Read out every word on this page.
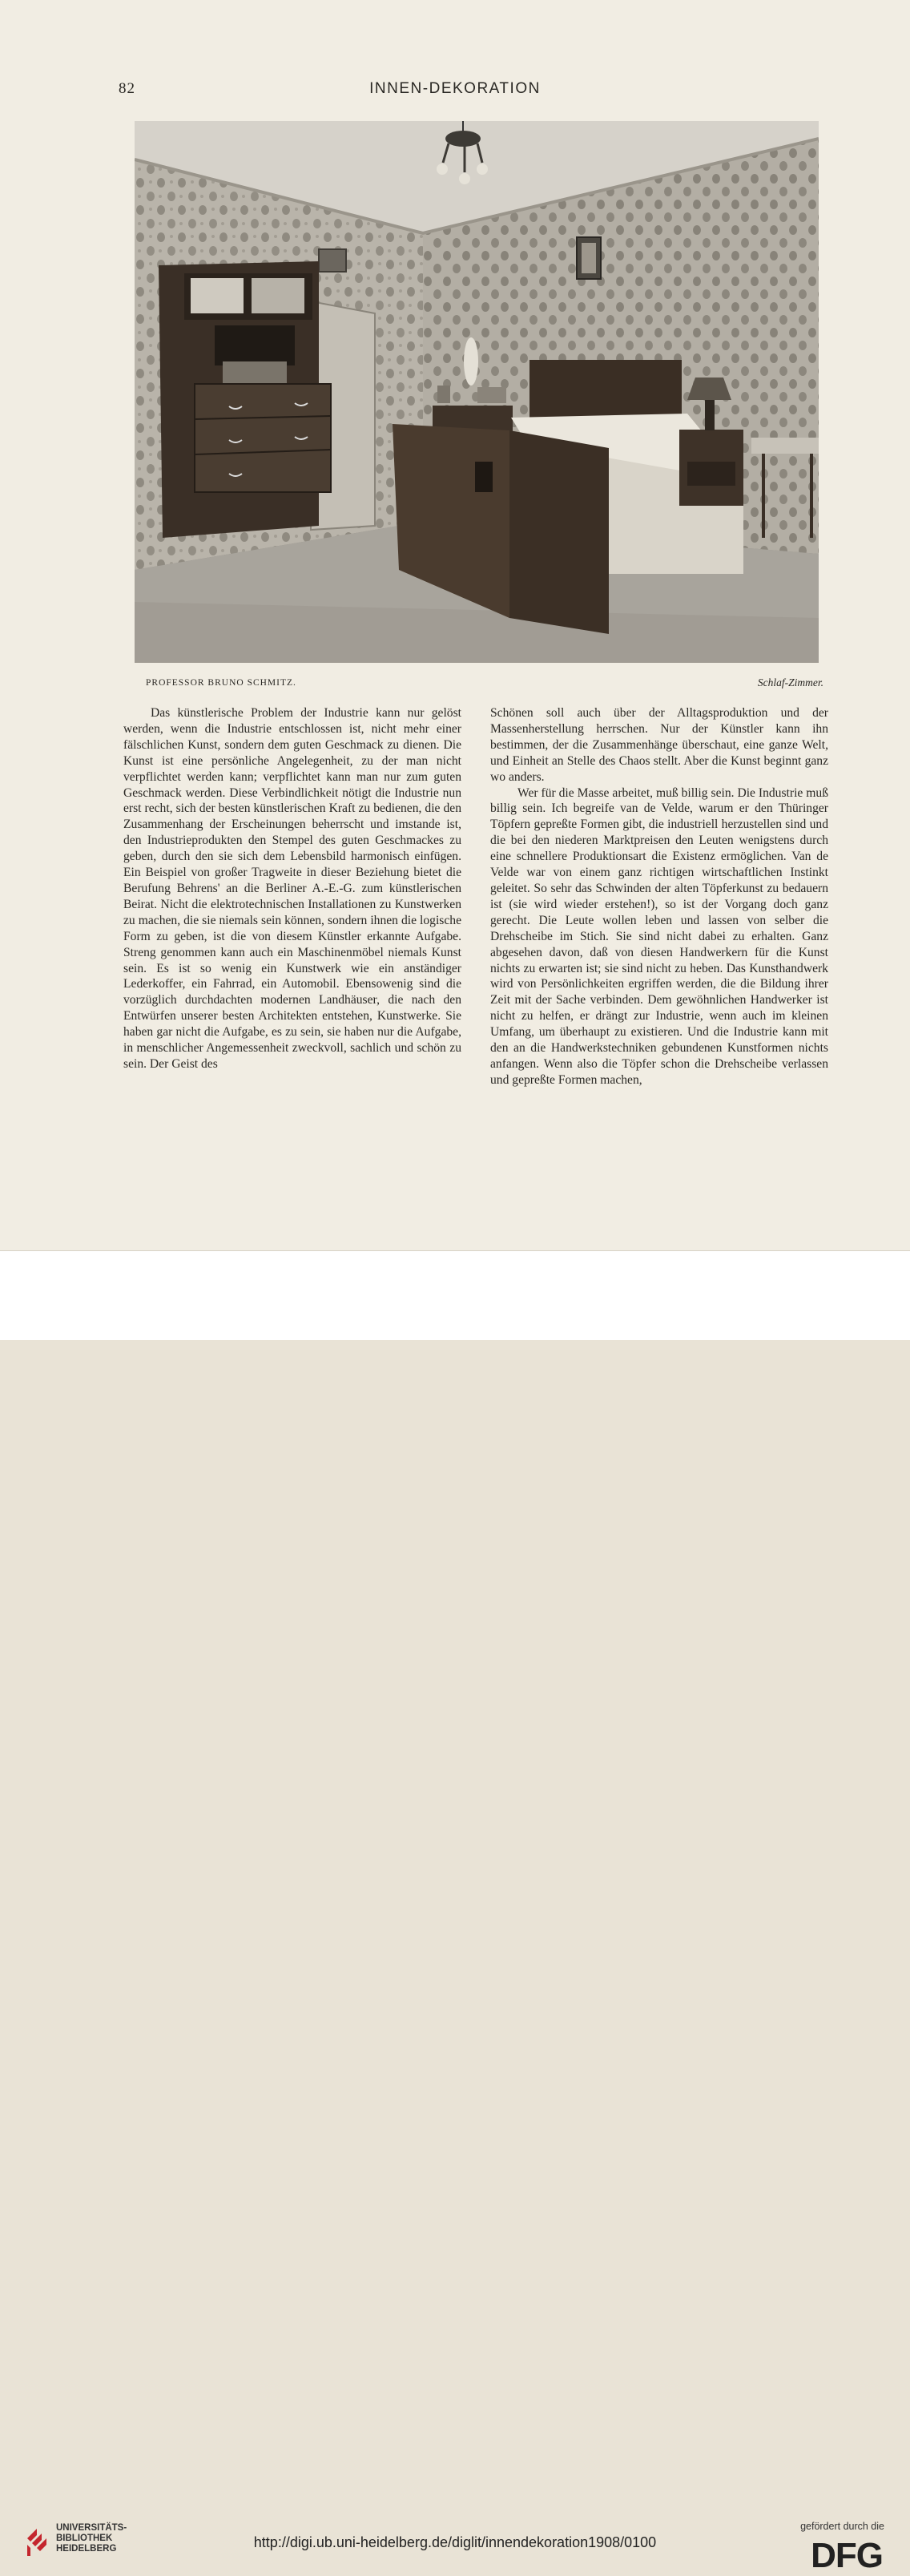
82	INNEN-DEKORATION
PROFESSOR BRUNO SCHMITZ.	Schlaf-Zimmer.

Das künstlerische Problem der Industrie kann nur gelöst werden, wenn die Industrie entschlossen ist, nicht mehr einer fälschlichen Kunst, sondern dem guten Geschmack zu dienen. Die Kunst ist eine persönliche Angelegenheit, zu der man nicht verpflichtet werden kann; verpflichtet kann man nur zum guten Geschmack werden. Diese Verbindlichkeit nötigt die Industrie nun erst recht, sich der besten künstlerischen Kraft zu bedienen, die den Zusammenhang der Erscheinungen beherrscht und imstande ist, den Industrieprodukten den Stempel des guten Geschmackes zu geben, durch den sie sich dem Lebensbild harmonisch einfügen. Ein Beispiel von großer Tragweite in dieser Beziehung bietet die Berufung Behrens' an die Berliner A.-E.-G. zum künstlerischen Beirat. Nicht die elektrotechnischen Installationen zu Kunstwerken zu machen, die sie niemals sein können, sondern ihnen die logische Form zu geben, ist die von diesem Künstler erkannte Aufgabe. Streng genommen kann auch ein Maschinenmöbel niemals Kunst sein. Es ist so wenig ein Kunstwerk wie ein anständiger Lederkoffer, ein Fahrrad, ein Automobil. Ebensowenig sind die vorzüglich durchdachten modernen Landhäuser, die nach den Entwürfen unserer besten Architekten entstehen, Kunstwerke. Sie haben gar nicht die Aufgabe, es zu sein, sie haben nur die Aufgabe, in menschlicher Angemessenheit zweckvoll, sachlich und schön zu sein. Der Geist des

Schönen soll auch über der Alltagsproduktion und der Massenherstellung herrschen. Nur der Künstler kann ihn bestimmen, der die Zusammenhänge überschaut, eine ganze Welt, und Einheit an Stelle des Chaos stellt. Aber die Kunst beginnt ganz wo anders.

Wer für die Masse arbeitet, muß billig sein. Die Industrie muß billig sein. Ich begreife van de Velde, warum er den Thüringer Töpfern gepreßte Formen gibt, die industriell herzustellen sind und die bei den niederen Marktpreisen den Leuten wenigstens durch eine schnellere Produktionsart die Existenz ermöglichen. Van de Velde war von einem ganz richtigen wirtschaftlichen Instinkt geleitet. So sehr das Schwinden der alten Töpferkunst zu bedauern ist (sie wird wieder erstehen!), so ist der Vorgang doch ganz gerecht. Die Leute wollen leben und lassen von selber die Drehscheibe im Stich. Sie sind nicht dabei zu erhalten. Ganz abgesehen davon, daß von diesen Handwerkern für die Kunst nichts zu erwarten ist; sie sind nicht zu heben. Das Kunsthandwerk wird von Persönlichkeiten ergriffen werden, die die Bildung ihrer Zeit mit der Sache verbinden. Dem gewöhnlichen Handwerker ist nicht zu helfen, er drängt zur Industrie, wenn auch im kleinen Umfang, um überhaupt zu existieren. Und die Industrie kann mit den an die Handwerkstechniken gebundenen Kunstformen nichts anfangen. Wenn also die Töpfer schon die Drehscheibe verlassen und gepreßte Formen machen,

UNIVERSITÄTS-
BIBLIOTHEK
HEIDELBERG	http://digi.ub.uni-heidelberg.de/diglit/innendekoration1908/0100
gefördert durch die
DFG
